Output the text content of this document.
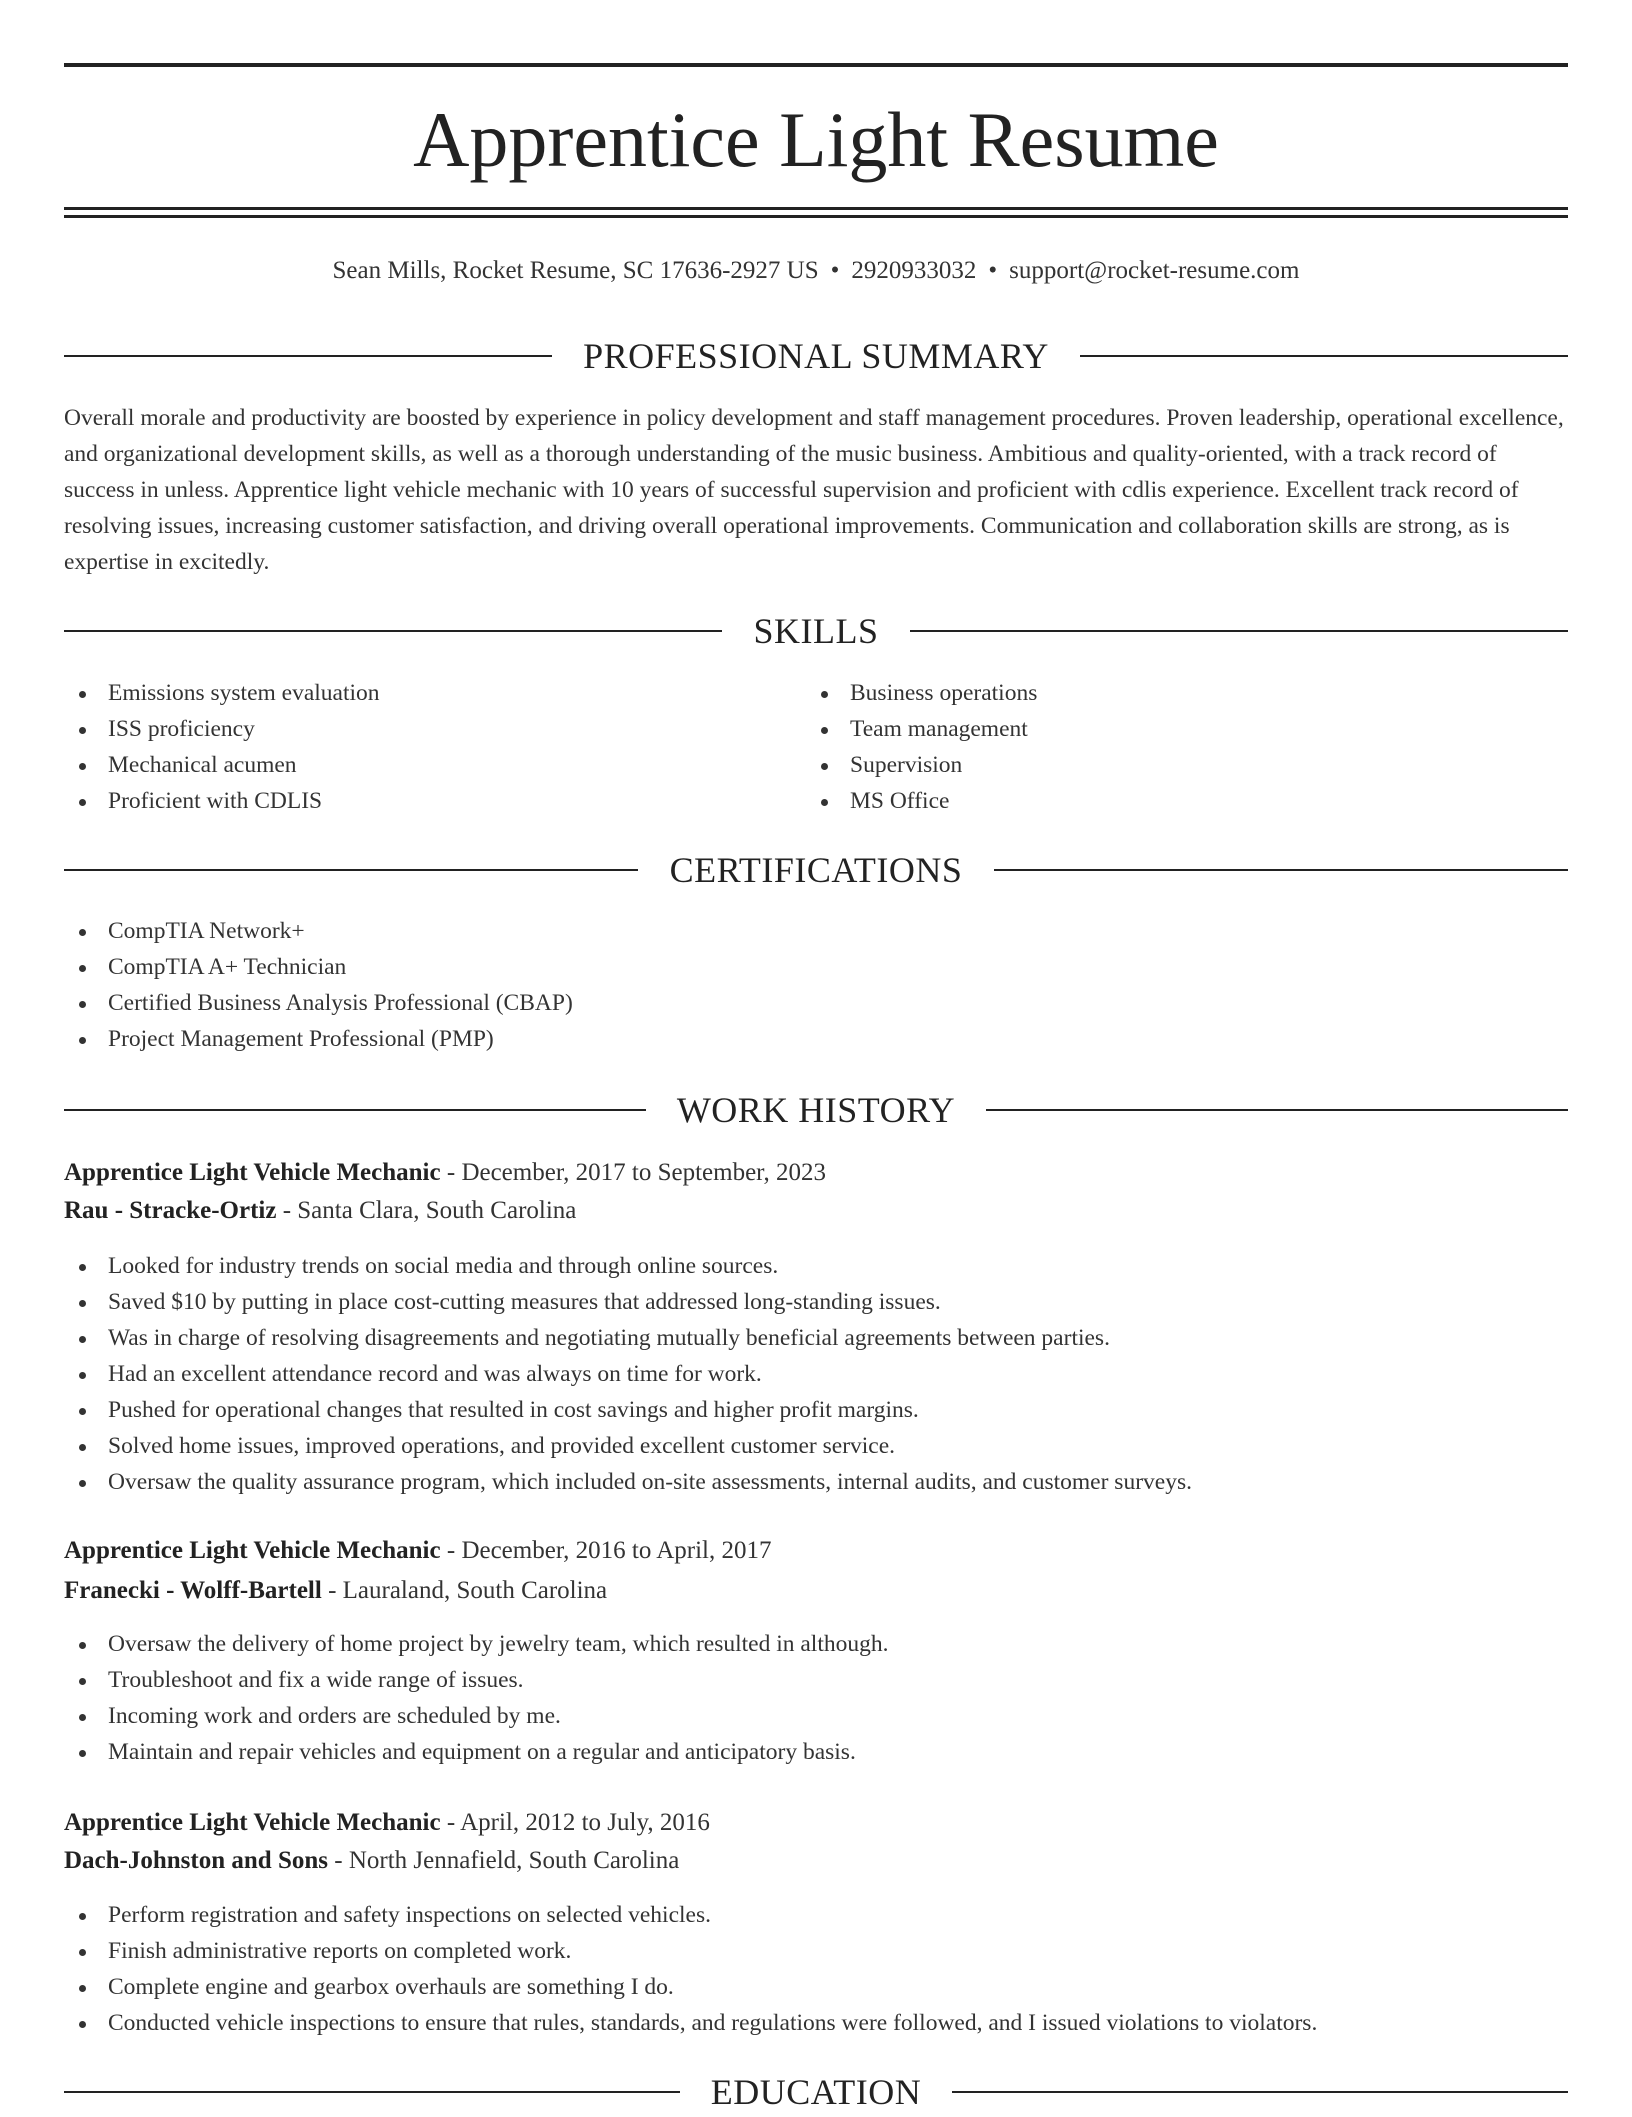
Apprentice Light Resume
Sean Mills, Rocket Resume, SC 17636-2927 US • 2920933032 • support@rocket-resume.com
PROFESSIONAL SUMMARY
Overall morale and productivity are boosted by experience in policy development and staff management procedures. Proven leadership, operational excellence, and organizational development skills, as well as a thorough understanding of the music business. Ambitious and quality-oriented, with a track record of success in unless. Apprentice light vehicle mechanic with 10 years of successful supervision and proficient with cdlis experience. Excellent track record of resolving issues, increasing customer satisfaction, and driving overall operational improvements. Communication and collaboration skills are strong, as is expertise in excitedly.
SKILLS
Emissions system evaluation
ISS proficiency
Mechanical acumen
Proficient with CDLIS
Business operations
Team management
Supervision
MS Office
CERTIFICATIONS
CompTIA Network+
CompTIA A+ Technician
Certified Business Analysis Professional (CBAP)
Project Management Professional (PMP)
WORK HISTORY
Apprentice Light Vehicle Mechanic - December, 2017 to September, 2023
Rau - Stracke-Ortiz - Santa Clara, South Carolina
Looked for industry trends on social media and through online sources.
Saved $10 by putting in place cost-cutting measures that addressed long-standing issues.
Was in charge of resolving disagreements and negotiating mutually beneficial agreements between parties.
Had an excellent attendance record and was always on time for work.
Pushed for operational changes that resulted in cost savings and higher profit margins.
Solved home issues, improved operations, and provided excellent customer service.
Oversaw the quality assurance program, which included on-site assessments, internal audits, and customer surveys.
Apprentice Light Vehicle Mechanic - December, 2016 to April, 2017
Franecki - Wolff-Bartell - Lauraland, South Carolina
Oversaw the delivery of home project by jewelry team, which resulted in although.
Troubleshoot and fix a wide range of issues.
Incoming work and orders are scheduled by me.
Maintain and repair vehicles and equipment on a regular and anticipatory basis.
Apprentice Light Vehicle Mechanic - April, 2012 to July, 2016
Dach-Johnston and Sons - North Jennafield, South Carolina
Perform registration and safety inspections on selected vehicles.
Finish administrative reports on completed work.
Complete engine and gearbox overhauls are something I do.
Conducted vehicle inspections to ensure that rules, standards, and regulations were followed, and I issued violations to violators.
EDUCATION
